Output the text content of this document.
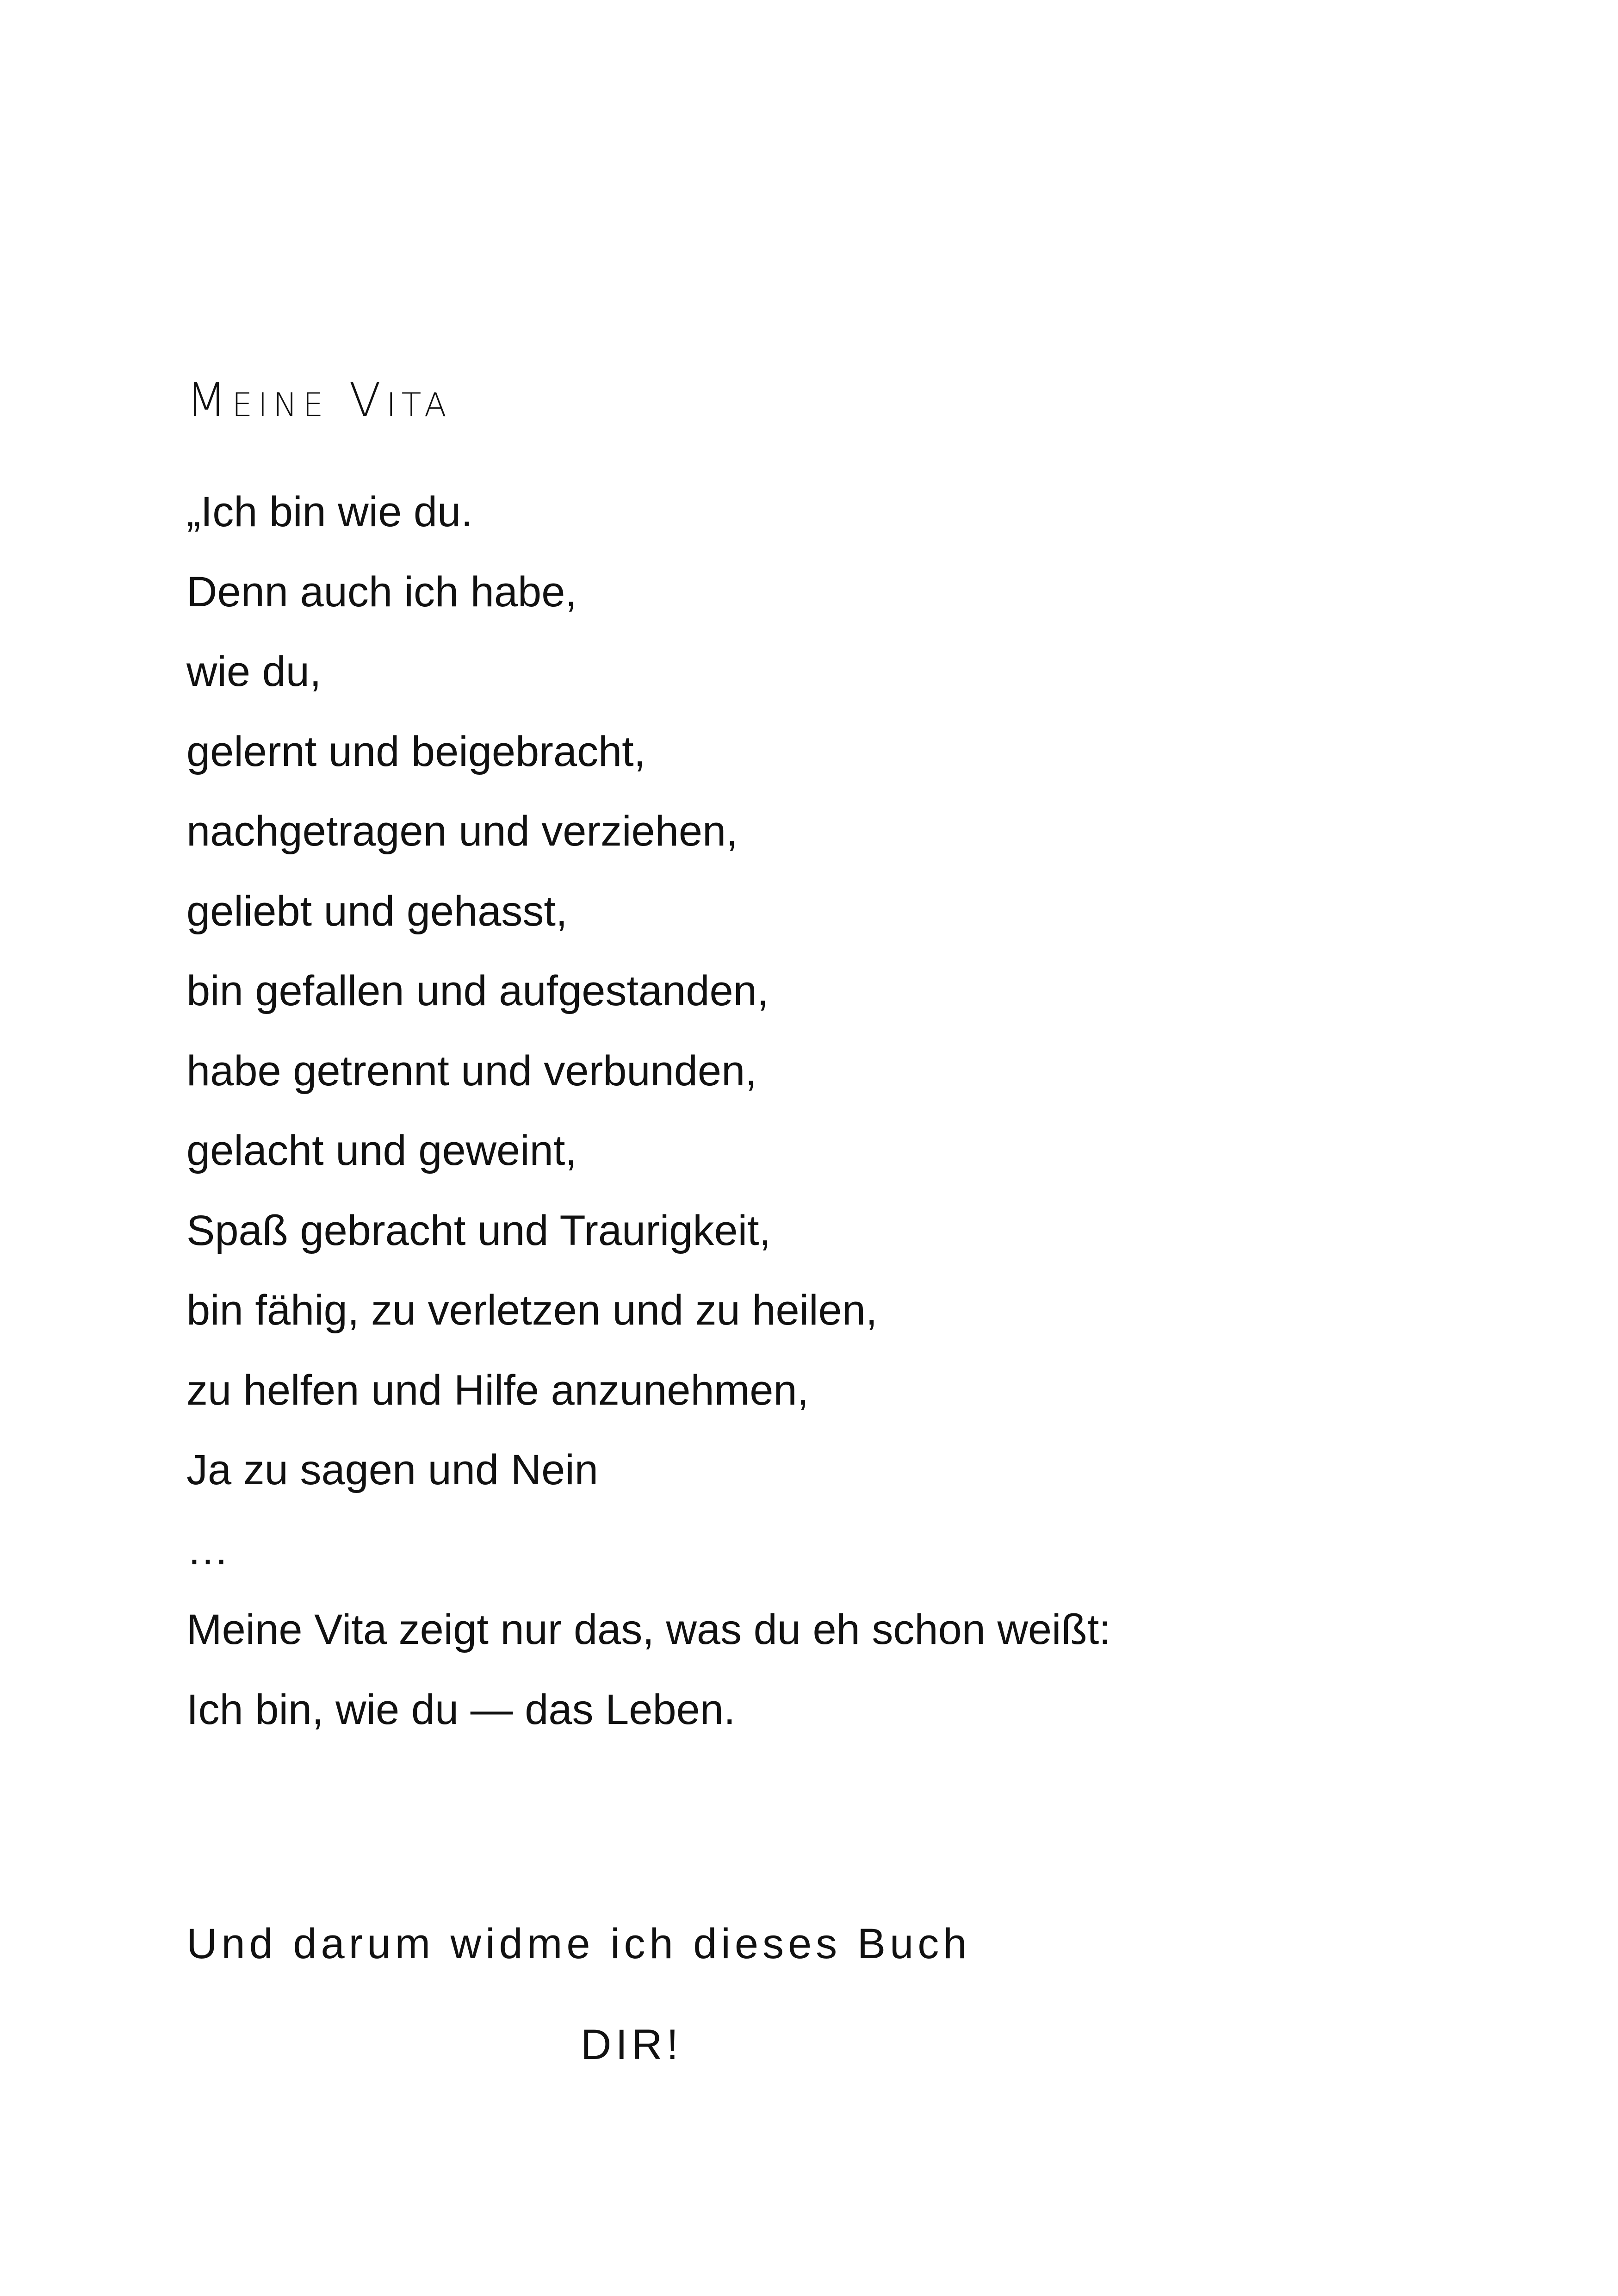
Meine Vita
„Ich bin wie du.
Denn auch ich habe,
wie du,
gelernt und beigebracht,
nachgetragen und verziehen,
geliebt und gehasst,
bin gefallen und aufgestanden,
habe getrennt und verbunden,
gelacht und geweint,
Spaß gebracht und Traurigkeit,
bin fähig, zu verletzen und zu heilen,
zu helfen und Hilfe anzunehmen,
Ja zu sagen und Nein
…
Meine Vita zeigt nur das, was du eh schon weißt:
Ich bin, wie du — das Leben.

Und darum widme ich dieses Buch

DIR!
